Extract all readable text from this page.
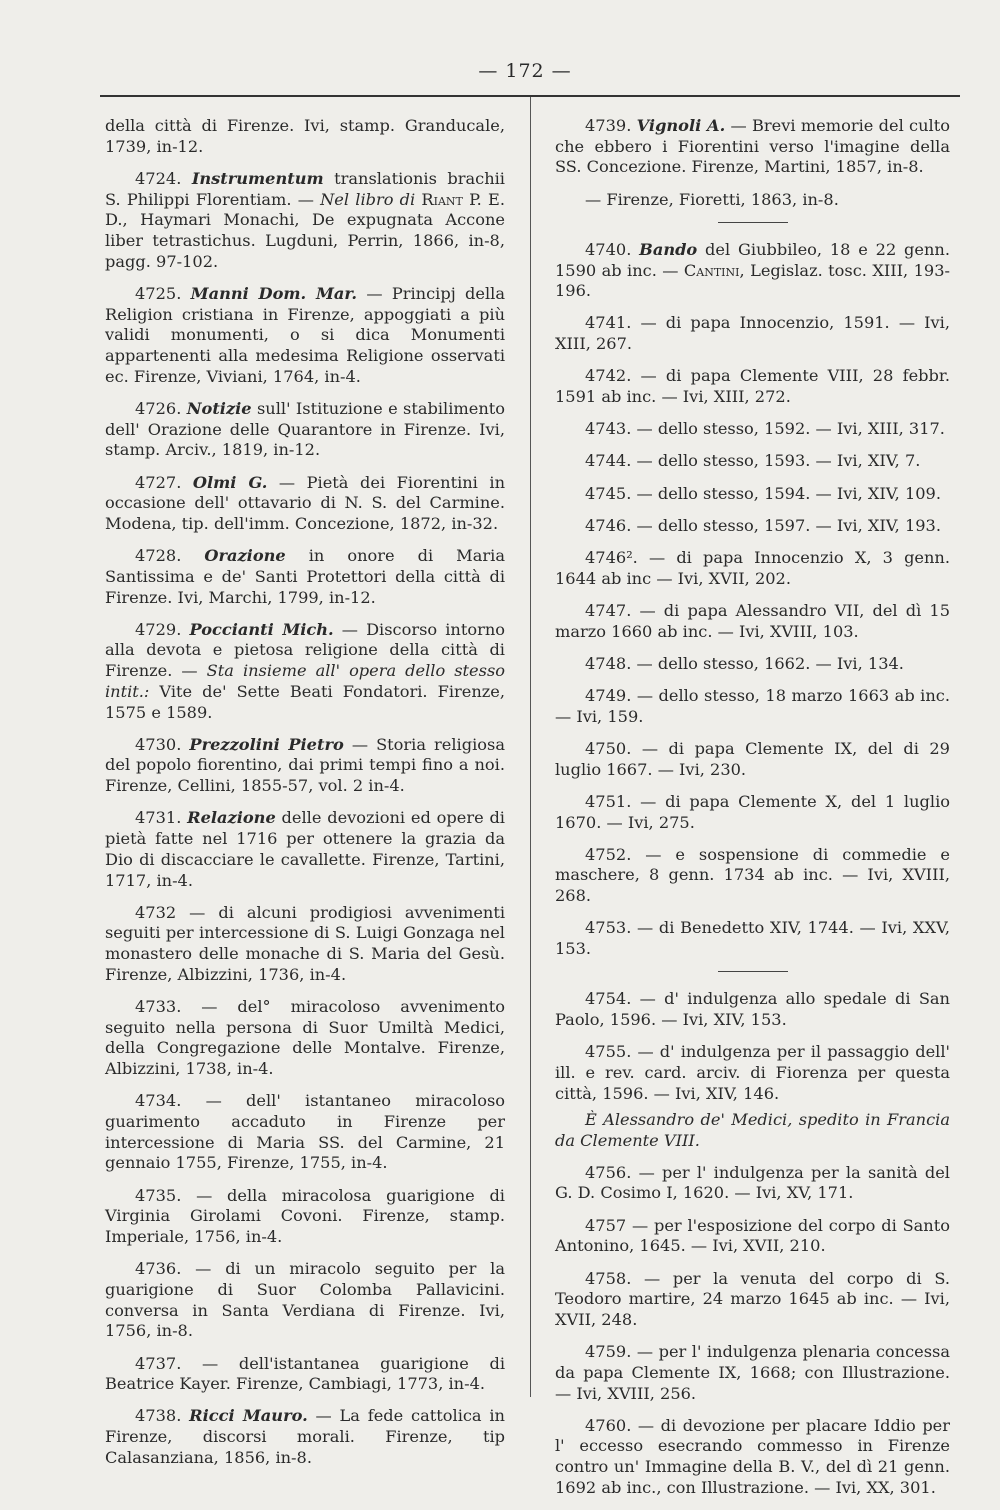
— 172 —
della città di Firenze. Ivi, stamp. Granducale, 1739, in-12.
4724. Instrumentum translationis brachii S. Philippi Florentiam. — Nel libro di Riant P. E. D., Haymari Monachi, De expugnata Accone liber tetrastichus. Lugduni, Perrin, 1866, in-8, pagg. 97-102.
4725. Manni Dom. Mar. — Principj della Religion cristiana in Firenze, appoggiati a più validi monumenti, o si dica Monumenti appartenenti alla medesima Religione osservati ec. Firenze, Viviani, 1764, in-4.
4726. Notizie sull' Istituzione e stabilimento dell' Orazione delle Quarantore in Firenze. Ivi, stamp. Arciv., 1819, in-12.
4727. Olmi G. — Pietà dei Fiorentini in occasione dell' ottavario di N. S. del Carmine. Modena, tip. dell'imm. Concezione, 1872, in-32.
4728. Orazione in onore di Maria Santissima e de' Santi Protettori della città di Firenze. Ivi, Marchi, 1799, in-12.
4729. Poccianti Mich. — Discorso intorno alla devota e pietosa religione della città di Firenze. — Sta insieme all' opera dello stesso intit.: Vite de' Sette Beati Fondatori. Firenze, 1575 e 1589.
4730. Prezzolini Pietro — Storia religiosa del popolo fiorentino, dai primi tempi fino a noi. Firenze, Cellini, 1855-57, vol. 2 in-4.
4731. Relazione delle devozioni ed opere di pietà fatte nel 1716 per ottenere la grazia da Dio di discacciare le cavallette. Firenze, Tartini, 1717, in-4.
4732 — di alcuni prodigiosi avvenimenti seguiti per intercessione di S. Luigi Gonzaga nel monastero delle monache di S. Maria del Gesù. Firenze, Albizzini, 1736, in-4.
4733. — del° miracoloso avvenimento seguito nella persona di Suor Umiltà Medici, della Congregazione delle Montalve. Firenze, Albizzini, 1738, in-4.
4734. — dell' istantaneo miracoloso guarimento accaduto in Firenze per intercessione di Maria SS. del Carmine, 21 gennaio 1755, Firenze, 1755, in-4.
4735. — della miracolosa guarigione di Virginia Girolami Covoni. Firenze, stamp. Imperiale, 1756, in-4.
4736. — di un miracolo seguito per la guarigione di Suor Colomba Pallavicini. conversa in Santa Verdiana di Firenze. Ivi, 1756, in-8.
4737. — dell'istantanea guarigione di Beatrice Kayer. Firenze, Cambiagi, 1773, in-4.
4738. Ricci Mauro. — La fede cattolica in Firenze, discorsi morali. Firenze, tip Calasanziana, 1856, in-8.
4739. Vignoli A. — Brevi memorie del culto che ebbero i Fiorentini verso l'imagine della SS. Concezione. Firenze, Martini, 1857, in-8.
— Firenze, Fioretti, 1863, in-8.
4740. Bando del Giubbileo, 18 e 22 genn. 1590 ab inc. — Cantini, Legislaz. tosc. XIII, 193-196.
4741. — di papa Innocenzio, 1591. — Ivi, XIII, 267.
4742. — di papa Clemente VIII, 28 febbr. 1591 ab inc. — Ivi, XIII, 272.
4743. — dello stesso, 1592. — Ivi, XIII, 317.
4744. — dello stesso, 1593. — Ivi, XIV, 7.
4745. — dello stesso, 1594. — Ivi, XIV, 109.
4746. — dello stesso, 1597. — Ivi, XIV, 193.
4746². — di papa Innocenzio X, 3 genn. 1644 ab inc — Ivi, XVII, 202.
4747. — di papa Alessandro VII, del dì 15 marzo 1660 ab inc. — Ivi, XVIII, 103.
4748. — dello stesso, 1662. — Ivi, 134.
4749. — dello stesso, 18 marzo 1663 ab inc. — Ivi, 159.
4750. — di papa Clemente IX, del di 29 luglio 1667. — Ivi, 230.
4751. — di papa Clemente X, del 1 luglio 1670. — Ivi, 275.
4752. — e sospensione di commedie e maschere, 8 genn. 1734 ab inc. — Ivi, XVIII, 268.
4753. — di Benedetto XIV, 1744. — Ivi, XXV, 153.
4754. — d' indulgenza allo spedale di San Paolo, 1596. — Ivi, XIV, 153.
4755. — d' indulgenza per il passaggio dell' ill. e rev. card. arciv. di Fiorenza per questa città, 1596. — Ivi, XIV, 146.
È Alessandro de' Medici, spedito in Francia da Clemente VIII.
4756. — per l' indulgenza per la sanità del G. D. Cosimo I, 1620. — Ivi, XV, 171.
4757 — per l'esposizione del corpo di Santo Antonino, 1645. — Ivi, XVII, 210.
4758. — per la venuta del corpo di S. Teodoro martire, 24 marzo 1645 ab inc. — Ivi, XVII, 248.
4759. — per l' indulgenza plenaria concessa da papa Clemente IX, 1668; con Illustrazione. — Ivi, XVIII, 256.
4760. — di devozione per placare Iddio per l' eccesso esecrando commesso in Firenze contro un' Immagine della B. V., del dì 21 genn. 1692 ab inc., con Illustrazione. — Ivi, XX, 301.
